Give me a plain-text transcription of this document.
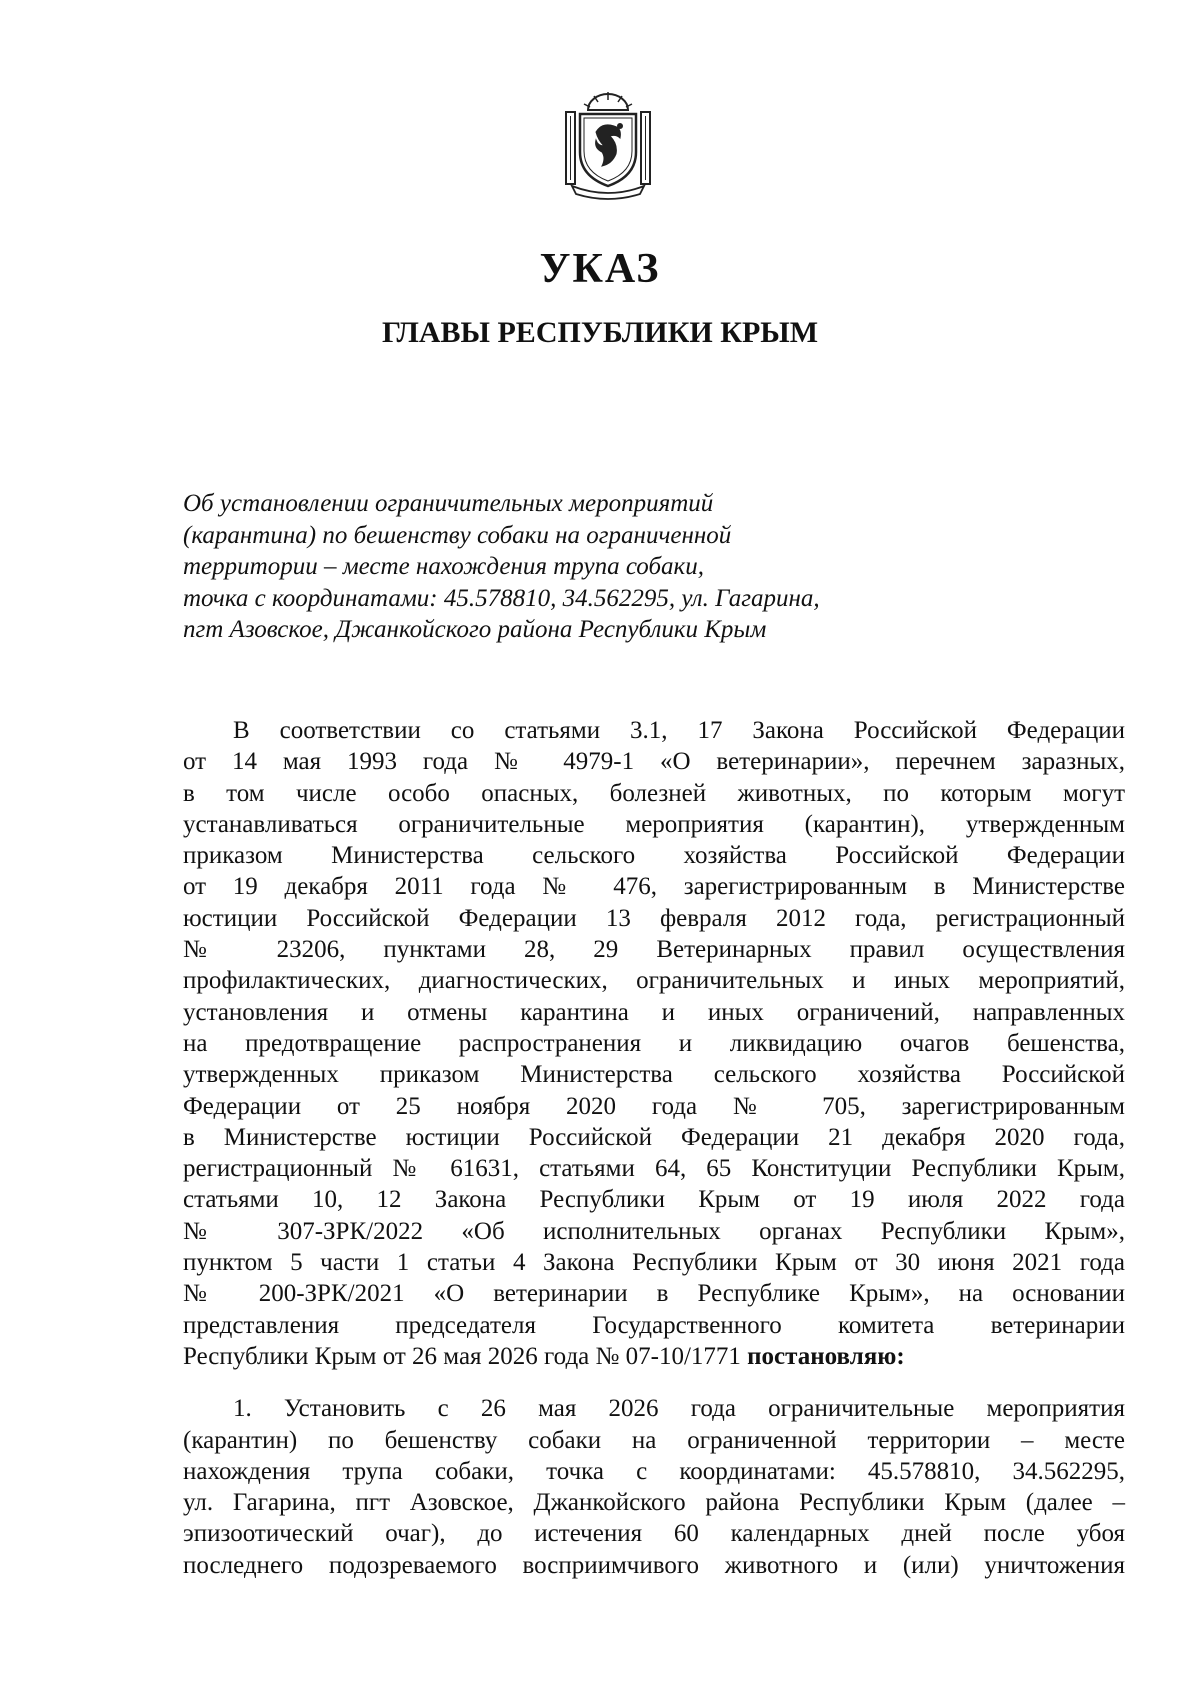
УКАЗ
ГЛАВЫ РЕСПУБЛИКИ КРЫМ
Об установлении ограничительных мероприятий
(карантина) по бешенству собаки на ограниченной
территории – месте нахождения трупа собаки,
точка с координатами: 45.578810, 34.562295, ул. Гагарина,
пгт Азовское, Джанкойского района Республики Крым
В соответствии со статьями 3.1, 17 Закона Российской Федерации
от 14 мая 1993 года № 4979-1 «О ветеринарии», перечнем заразных,
в том числе особо опасных, болезней животных, по которым могут
устанавливаться ограничительные мероприятия (карантин), утвержденным
приказом Министерства сельского хозяйства Российской Федерации
от 19 декабря 2011 года № 476, зарегистрированным в Министерстве
юстиции Российской Федерации 13 февраля 2012 года, регистрационный
№ 23206, пунктами 28, 29 Ветеринарных правил осуществления
профилактических, диагностических, ограничительных и иных мероприятий,
установления и отмены карантина и иных ограничений, направленных
на предотвращение распространения и ликвидацию очагов бешенства,
утвержденных приказом Министерства сельского хозяйства Российской
Федерации от 25 ноября 2020 года № 705, зарегистрированным
в Министерстве юстиции Российской Федерации 21 декабря 2020 года,
регистрационный № 61631, статьями 64, 65 Конституции Республики Крым,
статьями 10, 12 Закона Республики Крым от 19 июля 2022 года
№ 307-ЗРК/2022 «Об исполнительных органах Республики Крым»,
пунктом 5 части 1 статьи 4 Закона Республики Крым от 30 июня 2021 года
№ 200-ЗРК/2021 «О ветеринарии в Республике Крым», на основании
представления председателя Государственного комитета ветеринарии
Республики Крым от 26 мая 2026 года № 07-10/1771 постановляю:
1. Установить с 26 мая 2026 года ограничительные мероприятия
(карантин) по бешенству собаки на ограниченной территории – месте
нахождения трупа собаки, точка с координатами: 45.578810, 34.562295,
ул. Гагарина, пгт Азовское, Джанкойского района Республики Крым (далее –
эпизоотический очаг), до истечения 60 календарных дней после убоя
последнего подозреваемого восприимчивого животного и (или) уничтожения
